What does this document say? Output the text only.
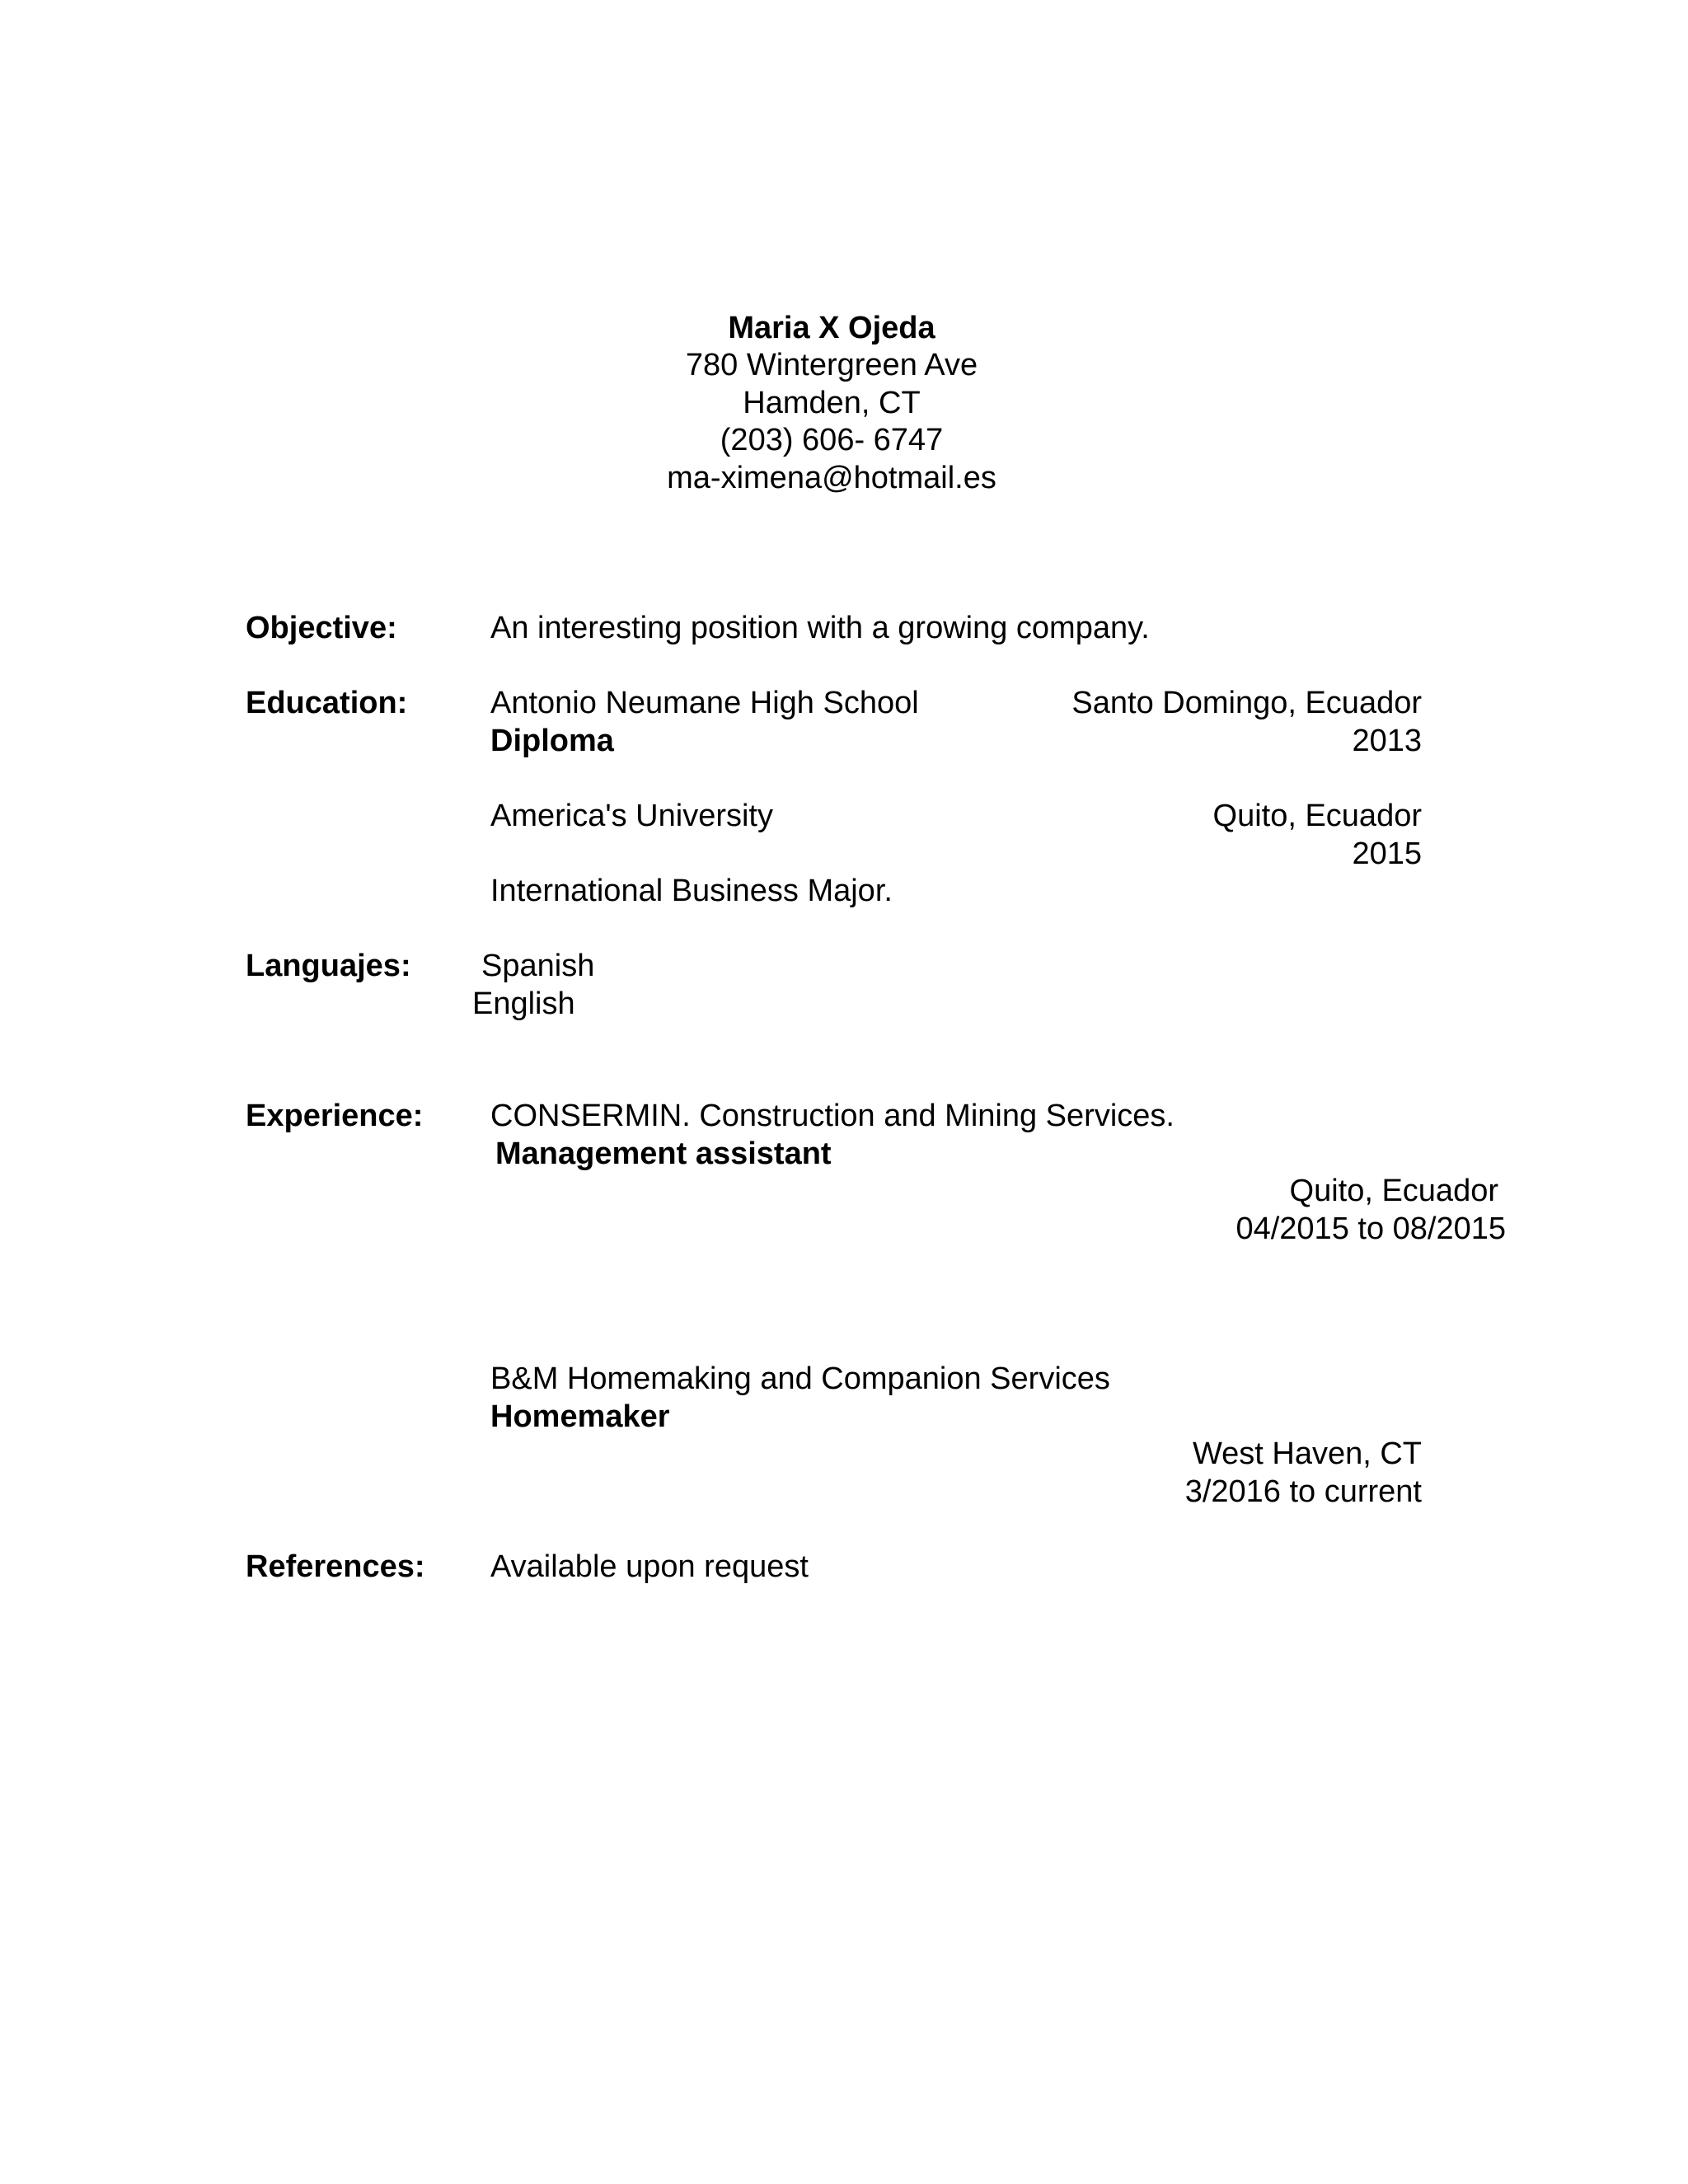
Maria X Ojeda
780 Wintergreen Ave
Hamden, CT
(203) 606- 6747
ma-ximena@hotmail.es
Objective:	An interesting position with a growing company.
Education:	Antonio Neumane High School	Santo Domingo, Ecuador
Diploma	2013
America's University	Quito, Ecuador
2015
International Business Major.
Languajes: Spanish
English
Experience: CONSERMIN. Construction and Mining Services.
Management assistant
Quito, Ecuador
04/2015 to 08/2015
B&M Homemaking and Companion Services
Homemaker
West Haven, CT
3/2016 to current
References: Available upon request
